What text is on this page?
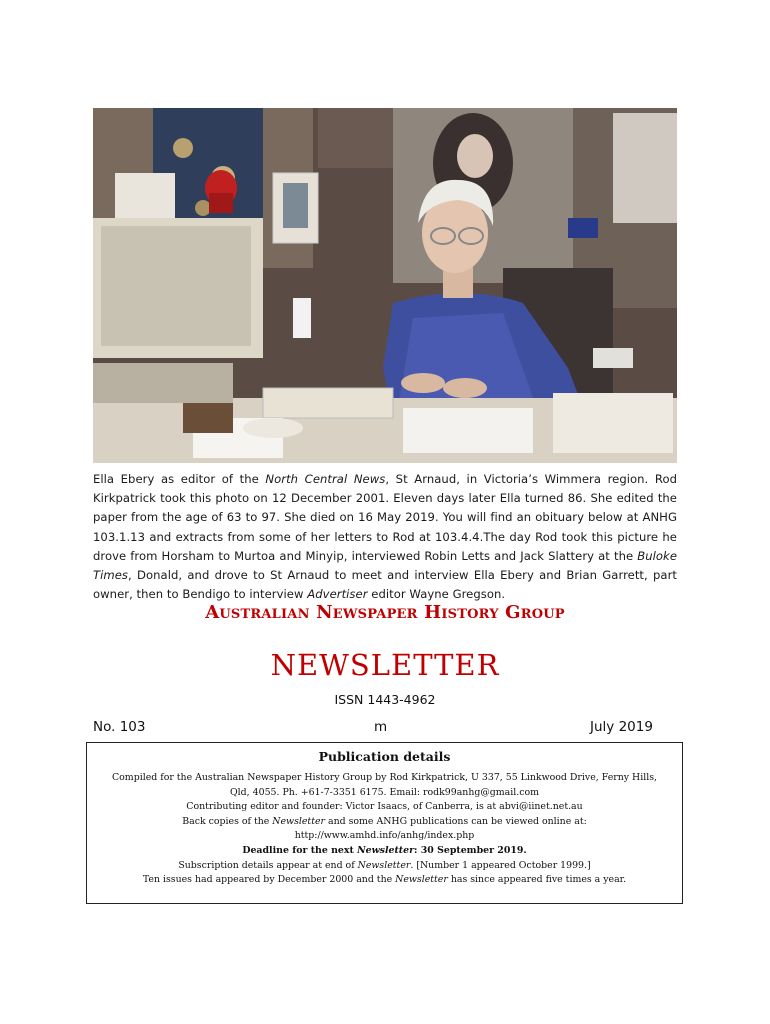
Ella Ebery as editor of the North Central News, St Arnaud, in Victoria’s Wimmera region. Rod Kirkpatrick took this photo on 12 December 2001. Eleven days later Ella turned 86. She edited the paper from the age of 63 to 97. She died on 16 May 2019. You will find an obituary below at ANHG 103.1.13 and extracts from some of her letters to Rod at 103.4.4.The day Rod took this picture he drove from Horsham to Murtoa and Minyip, interviewed Robin Letts and Jack Slattery at the Buloke Times, Donald, and drove to St Arnaud to meet and interview Ella Ebery and Brian Garrett, part owner, then to Bendigo to interview Advertiser editor Wayne Gregson.

Australian Newspaper History Group
NEWSLETTER
ISSN 1443-4962
No. 103	m	July 2019
Publication details
Compiled for the Australian Newspaper History Group by Rod Kirkpatrick, U 337, 55 Linkwood Drive, Ferny Hills,
Qld, 4055. Ph. +61-7-3351 6175. Email: rodk99anhg@gmail.com
Contributing editor and founder: Victor Isaacs, of Canberra, is at abvi@iinet.net.au
Back copies of the Newsletter and some ANHG publications can be viewed online at:
http://www.amhd.info/anhg/index.php
Deadline for the next Newsletter: 30 September 2019.
Subscription details appear at end of Newsletter. [Number 1 appeared October 1999.]
Ten issues had appeared by December 2000 and the Newsletter has since appeared five times a year.
